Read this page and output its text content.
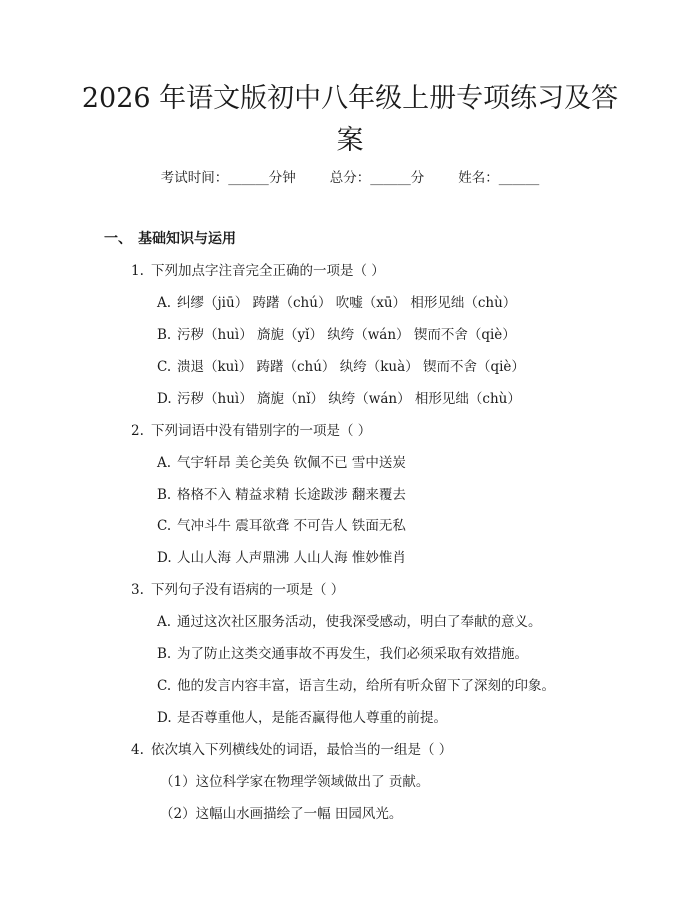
2026 年语文版初中八年级上册专项练习及答
案
考试时间：______分钟	总分：______分	姓名：______
一、 基础知识与运用
1. 下列加点字注音完全正确的一项是（ ）
A. 纠缪（jiū） 踌躇（chú） 吹嘘（xū） 相形见绌（chù）
B. 污秽（huì） 旖旎（yǐ） 纨绔（wán） 锲而不舍（qiè）
C. 溃退（kuì） 踌躇（chú） 纨绔（kuà） 锲而不舍（qiè）
D. 污秽（huì） 旖旎（nǐ） 纨绔（wán） 相形见绌（chù）
2. 下列词语中没有错别字的一项是（ ）
A. 气宇轩昂 美仑美奂 钦佩不已 雪中送炭
B. 格格不入 精益求精 长途跋涉 翻来覆去
C. 气冲斗牛 震耳欲聋 不可告人 铁面无私
D. 人山人海 人声鼎沸 人山人海 惟妙惟肖
3. 下列句子没有语病的一项是（ ）
A. 通过这次社区服务活动，使我深受感动，明白了奉献的意义。
B. 为了防止这类交通事故不再发生，我们必须采取有效措施。
C. 他的发言内容丰富，语言生动，给所有听众留下了深刻的印象。
D. 是否尊重他人，是能否赢得他人尊重的前提。
4. 依次填入下列横线处的词语，最恰当的一组是（ ）
（1）这位科学家在物理学领域做出了 贡献。
（2）这幅山水画描绘了一幅 田园风光。
